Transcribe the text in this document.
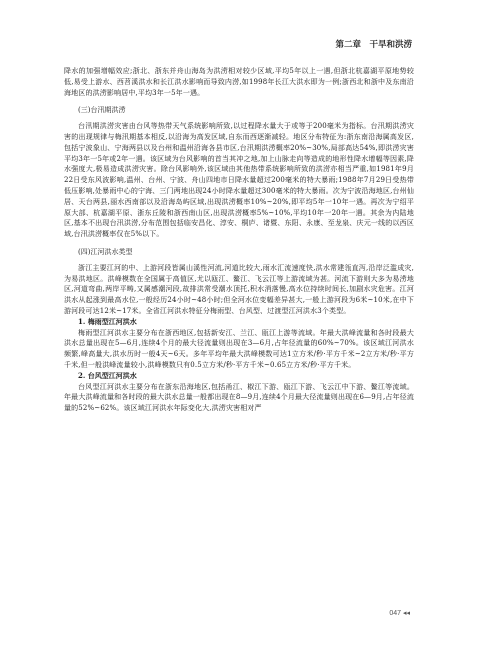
第二章　干旱和洪涝

降水的加强增幅效应;浙北、浙东并舟山海岛为洪涝相对较少区域,平均5年以上一遇,但浙北杭嘉湖平原地势较低,易受上游水、西苕溪洪水和长江洪水影响而导致内涝,如1998年长江大洪水即为一例;浙西北和浙中及东南沿海地区的洪涝影响居中,平均3年一5年一遇。

(三)台汛期洪涝

台汛期洪涝灾害由台风等热带天气系统影响所致,以过程降水量大于或等于200毫米为指标。台汛期洪涝灾害的出现规律与梅汛期基本相反,以沿海为高发区域,自东而西逐渐减轻。地区分布特征为:浙东南沿海属高发区,包括宁波象山、宁海两县以及台州和温州沿海各县市区,台汛期洪涝概率20%~30%,局部高达54%,即洪涝灾害平均3年一5年或2年一遇。该区域为台风影响的首当其冲之地,加上山脉走向等造成的地形性降水增幅等因素,降水强度大,极易造成洪涝灾害。除台风影响外,该区域由其他热带系统影响所致的洪涝亦相当严重,如1981年9月22日受东风波影响,温州、台州、宁波、舟山四地市日降水量超过200毫米的特大暴雨;1988年7月29日受热带低压影响,处暴雨中心的宁海、三门两地出现24小时降水量超过300毫米的特大暴雨。次为宁波沿海地区,台州仙居、天台两县,丽水西南部以及沿海岛屿区域,出现洪涝概率10%~20%,即平均5年一10年一遇。再次为宁绍平原大部、杭嘉湖平原、浙东丘陵和浙西南山区,出现洪涝概率5%~10%,平均10年一20年一遇。其余为内陆地区,基本不出现台汛洪涝,分布范围包括临安昌化、淳安、桐庐、诸暨、东阳、永康、至龙泉、庆元一线的以西区域,台汛洪涝概率仅在5%以下。

(四)江河洪水类型

浙江主要江河的中、上游河段皆属山溪性河流,河道比较大,雨水汇流速度快,洪水常建瓴直泻,沿岸泛滥成灾,为易洪地区。洪峰模数在全国属于高值区,尤以瓯江、鳌江、飞云江等上游流域为甚。河流下游则大多为易涝地区,河道弯曲,两岸平畴,又属感潮河段,故排洪常受潮水顶托,积水消落慢,高水位持续时间长,加剧水灾危害。江河洪水从起涨到最高水位,一般经历24小时~48小时;但全河水位变幅差异甚大,一般上游河段为6米~10米,在中下游河段可达12米~17米。全省江河洪水特征分梅雨型、台风型、过渡型江河洪水3个类型。

1. 梅雨型江河洪水

梅雨型江河洪水主要分布在浙西地区,包括新安江、兰江、瓯江上游等流域。年最大洪峰流量和各时段最大洪水总量出现在5—6月,连续4个月的最大径流量则出现在3—6月,占年径流量的60%~70%。该区域江河洪水频繁,峰高量大,洪水历时一般4天~6天。多年平均年最大洪峰模数可达1立方米/秒·平方千米~2立方米/秒·平方千米,但一般洪峰流量较小,洪峰模数只有0.5立方米/秒·平方千米~0.65立方米/秒·平方千米。

2. 台风型江河洪水

台风型江河洪水主要分布在浙东沿海地区,包括甬江、椒江下游、瓯江下游、飞云江中下游、鳌江等流域。年最大洪峰流量和各时段的最大洪水总量一般都出现在8—9月,连续4个月最大径流量则出现在6—9月,占年径流量的52%~62%。该区域江河洪水年际变化大,洪涝灾害相对严

047 ◂◂
